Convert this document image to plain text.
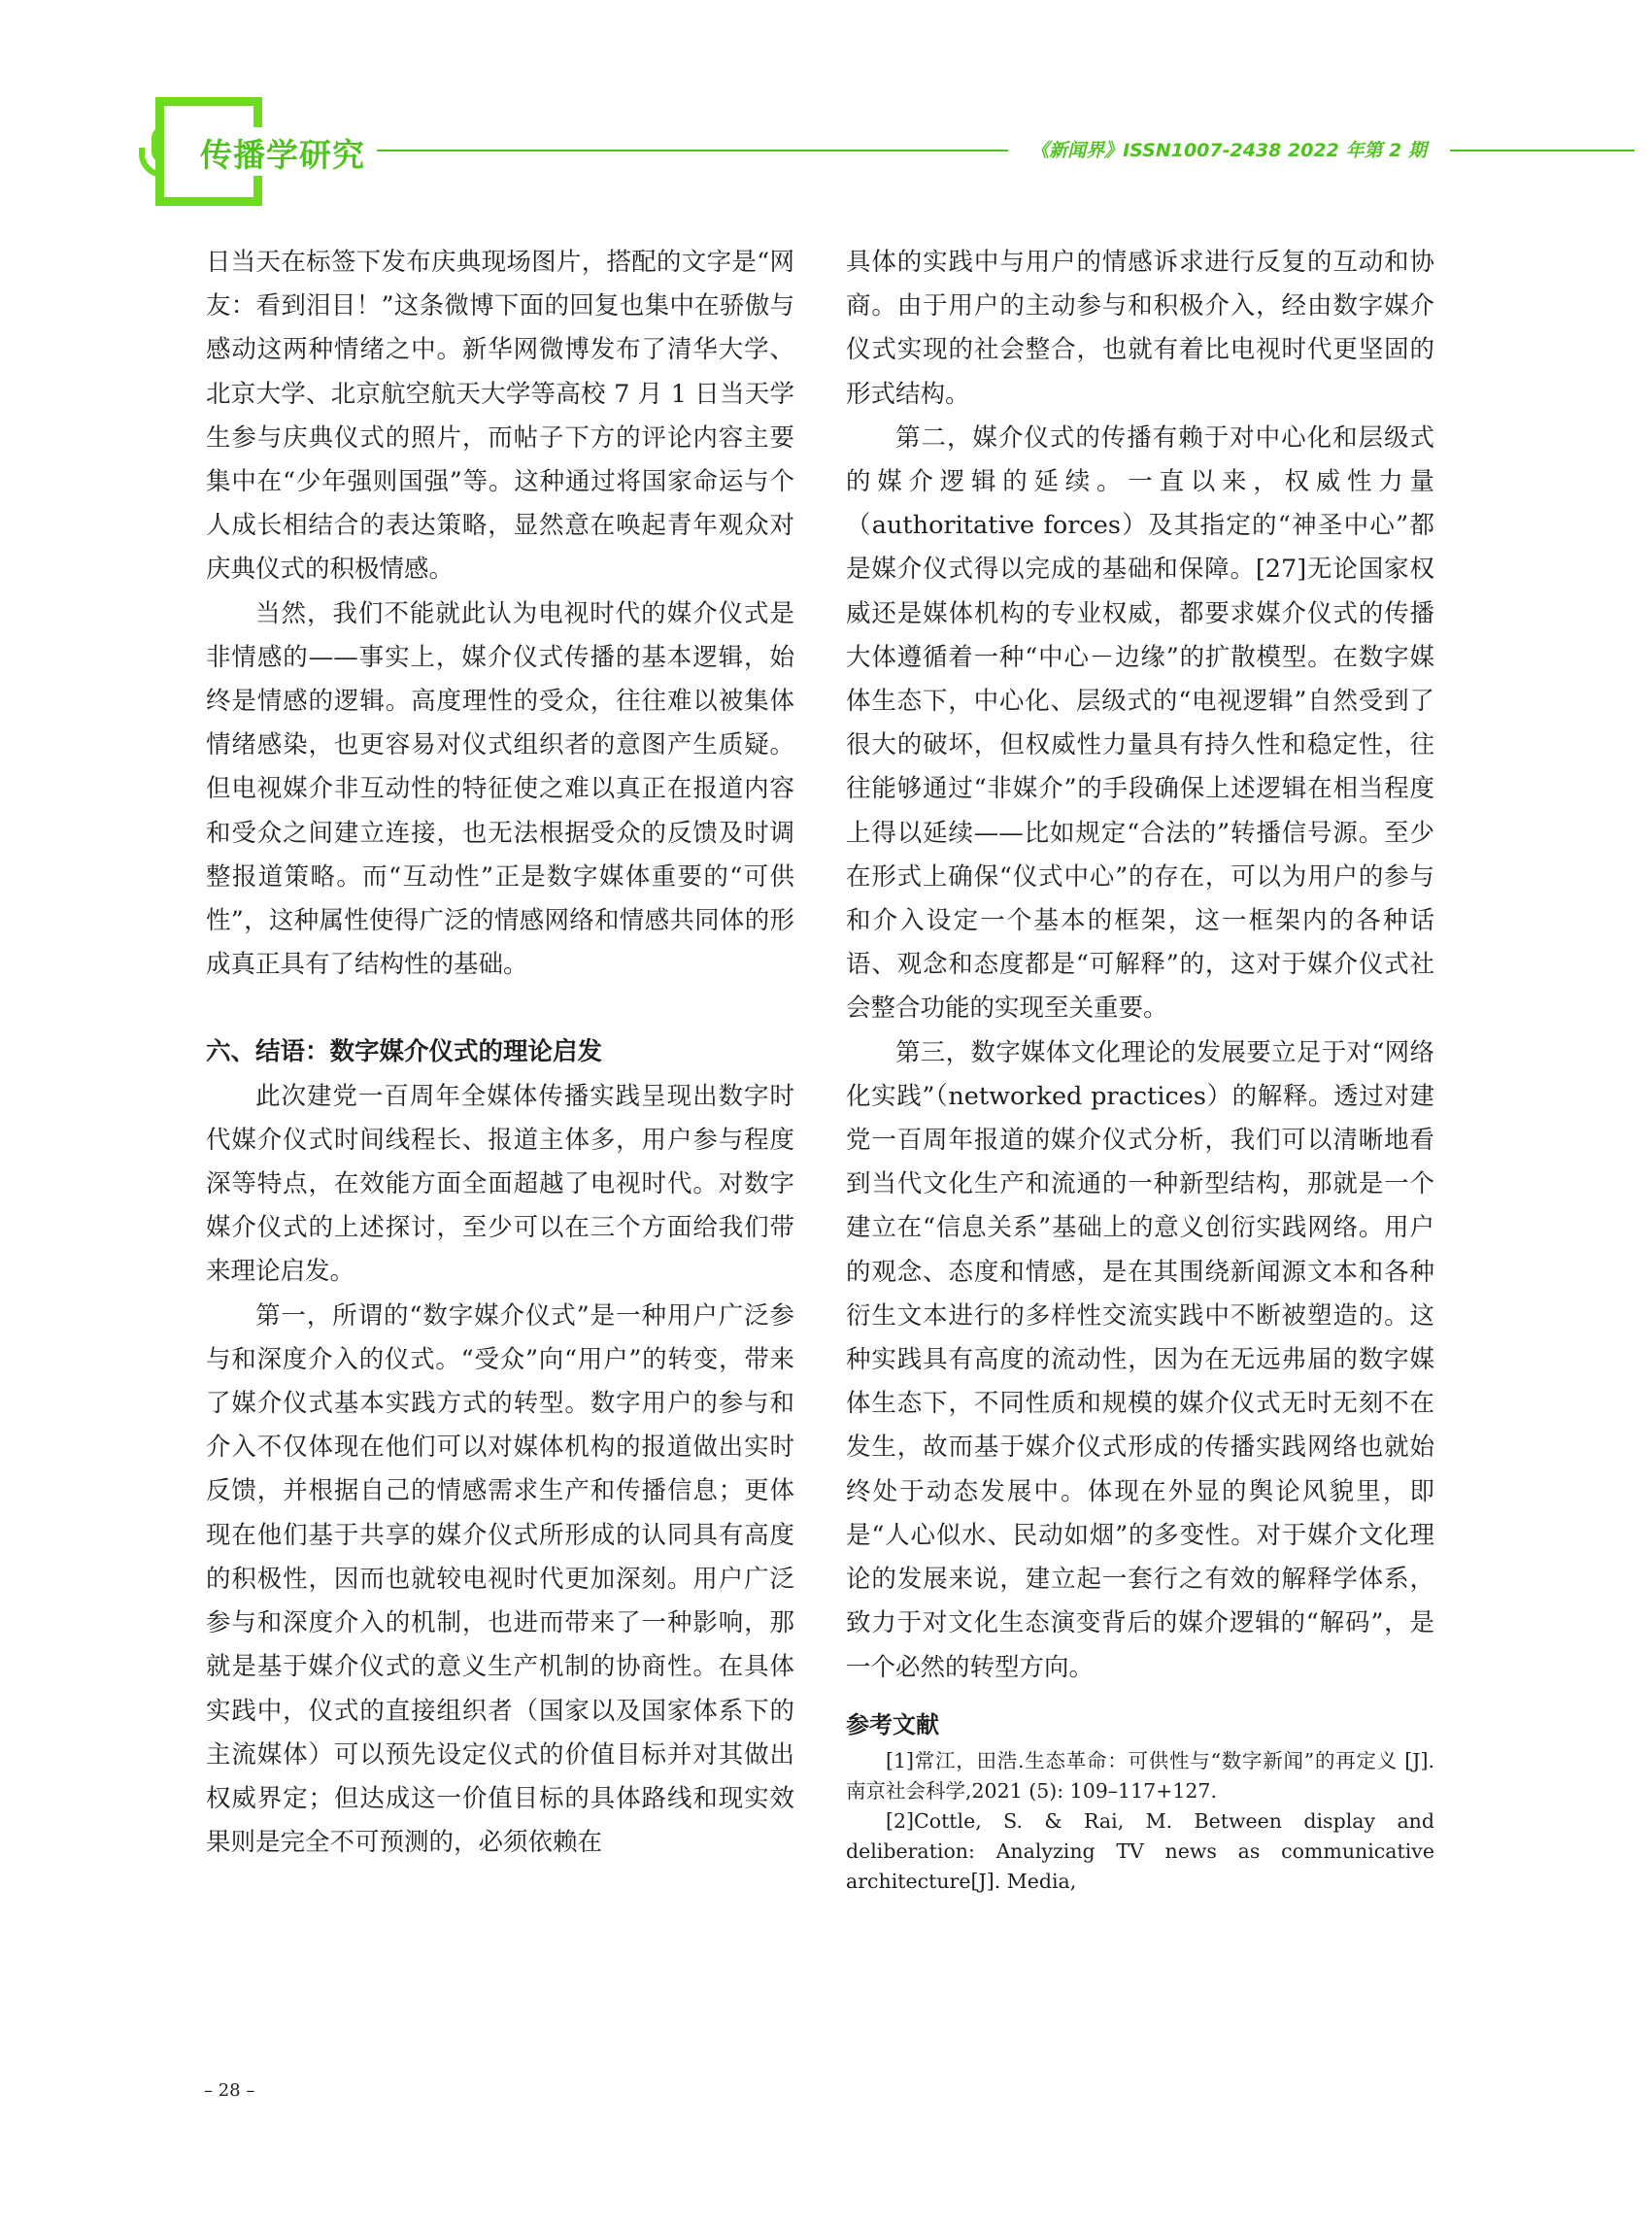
传播学研究	《新闻界》ISSN1007-2438 2022 年第 2 期

日当天在标签下发布庆典现场图片，搭配的文字是“网友：看到泪目！”这条微博下面的回复也集中在骄傲与感动这两种情绪之中。新华网微博发布了清华大学、北京大学、北京航空航天大学等高校 7 月 1 日当天学生参与庆典仪式的照片，而帖子下方的评论内容主要集中在“少年强则国强”等。这种通过将国家命运与个人成长相结合的表达策略，显然意在唤起青年观众对庆典仪式的积极情感。

当然，我们不能就此认为电视时代的媒介仪式是非情感的——事实上，媒介仪式传播的基本逻辑，始终是情感的逻辑。高度理性的受众，往往难以被集体情绪感染，也更容易对仪式组织者的意图产生质疑。但电视媒介非互动性的特征使之难以真正在报道内容和受众之间建立连接，也无法根据受众的反馈及时调整报道策略。而“互动性”正是数字媒体重要的“可供性”，这种属性使得广泛的情感网络和情感共同体的形成真正具有了结构性的基础。

六、结语：数字媒介仪式的理论启发

此次建党一百周年全媒体传播实践呈现出数字时代媒介仪式时间线程长、报道主体多，用户参与程度深等特点，在效能方面全面超越了电视时代。对数字媒介仪式的上述探讨，至少可以在三个方面给我们带来理论启发。

第一，所谓的“数字媒介仪式”是一种用户广泛参与和深度介入的仪式。“受众”向“用户”的转变，带来了媒介仪式基本实践方式的转型。数字用户的参与和介入不仅体现在他们可以对媒体机构的报道做出实时反馈，并根据自己的情感需求生产和传播信息；更体现在他们基于共享的媒介仪式所形成的认同具有高度的积极性，因而也就较电视时代更加深刻。用户广泛参与和深度介入的机制，也进而带来了一种影响，那就是基于媒介仪式的意义生产机制的协商性。在具体实践中，仪式的直接组织者（国家以及国家体系下的主流媒体）可以预先设定仪式的价值目标并对其做出权威界定；但达成这一价值目标的具体路线和现实效果则是完全不可预测的，必须依赖在

具体的实践中与用户的情感诉求进行反复的互动和协商。由于用户的主动参与和积极介入，经由数字媒介仪式实现的社会整合，也就有着比电视时代更坚固的形式结构。

第二，媒介仪式的传播有赖于对中心化和层级式的媒介逻辑的延续。一直以来，权威性力量（authoritative forces）及其指定的“神圣中心”都是媒介仪式得以完成的基础和保障。[27]无论国家权威还是媒体机构的专业权威，都要求媒介仪式的传播大体遵循着一种“中心－边缘”的扩散模型。在数字媒体生态下，中心化、层级式的“电视逻辑”自然受到了很大的破坏，但权威性力量具有持久性和稳定性，往往能够通过“非媒介”的手段确保上述逻辑在相当程度上得以延续——比如规定“合法的”转播信号源。至少在形式上确保“仪式中心”的存在，可以为用户的参与和介入设定一个基本的框架，这一框架内的各种话语、观念和态度都是“可解释”的，这对于媒介仪式社会整合功能的实现至关重要。

第三，数字媒体文化理论的发展要立足于对“网络化实践”（networked practices）的解释。透过对建党一百周年报道的媒介仪式分析，我们可以清晰地看到当代文化生产和流通的一种新型结构，那就是一个建立在“信息关系”基础上的意义创衍实践网络。用户的观念、态度和情感，是在其围绕新闻源文本和各种衍生文本进行的多样性交流实践中不断被塑造的。这种实践具有高度的流动性，因为在无远弗届的数字媒体生态下，不同性质和规模的媒介仪式无时无刻不在发生，故而基于媒介仪式形成的传播实践网络也就始终处于动态发展中。体现在外显的舆论风貌里，即是“人心似水、民动如烟”的多变性。对于媒介文化理论的发展来说，建立起一套行之有效的解释学体系，致力于对文化生态演变背后的媒介逻辑的“解码”，是一个必然的转型方向。

参考文献

[1]常江，田浩.生态革命：可供性与“数字新闻”的再定义 [J].南京社会科学,2021 (5): 109–117+127.

[2]Cottle, S. & Rai, M. Between display and deliberation: Analyzing TV news as communicative architecture[J]. Media,

– 28 –
